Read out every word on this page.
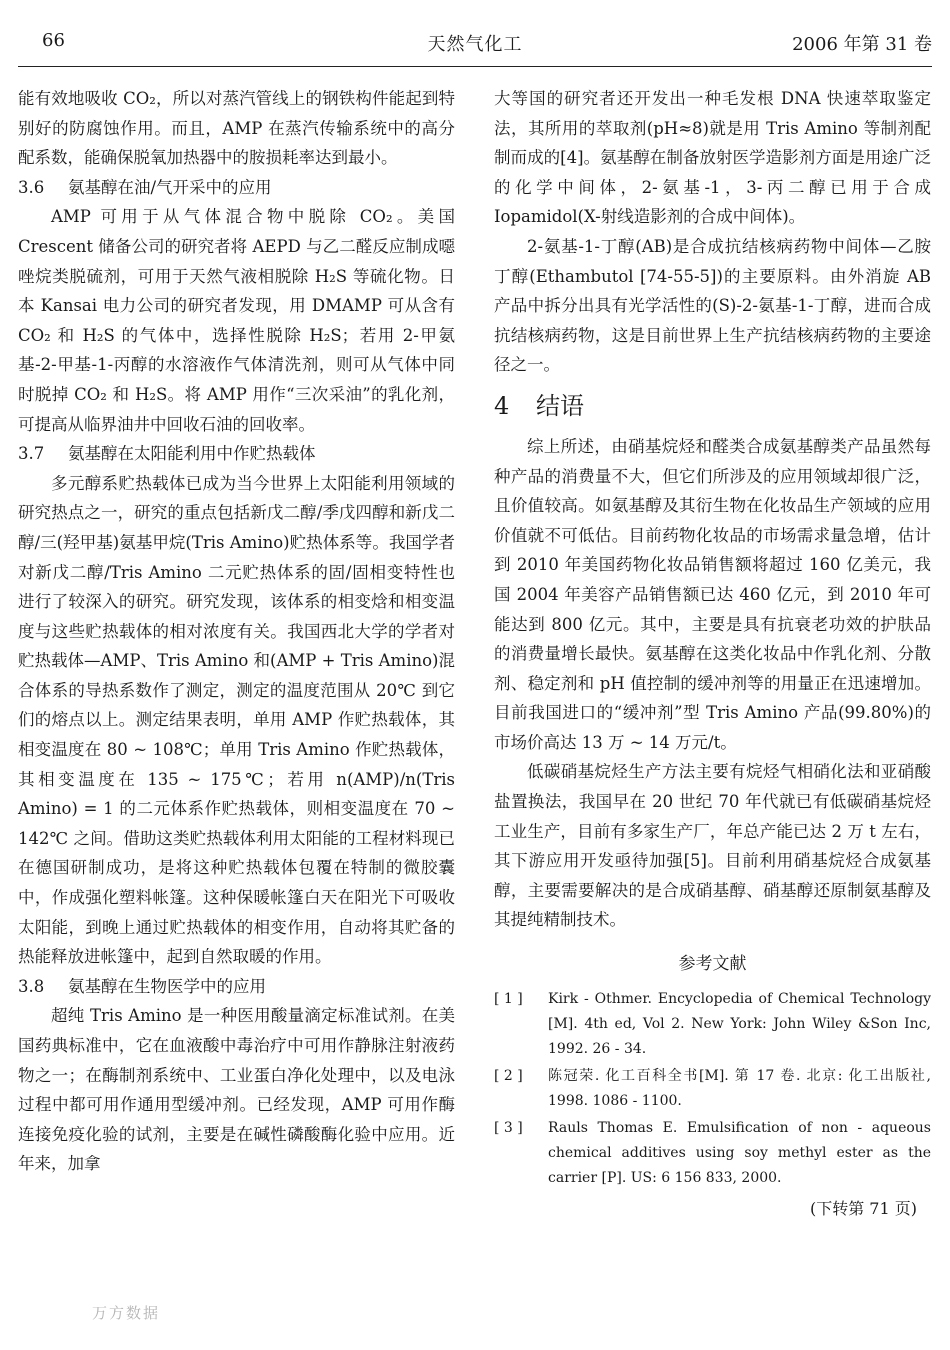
66	天然气化工	2006 年第 31 卷

能有效地吸收 CO₂，所以对蒸汽管线上的钢铁构件能起到特别好的防腐蚀作用。而且，AMP 在蒸汽传输系统中的高分配系数，能确保脱氧加热器中的胺损耗率达到最小。

3.6 氨基醇在油/气开采中的应用

AMP 可用于从气体混合物中脱除 CO₂。美国 Crescent 储备公司的研究者将 AEPD 与乙二醛反应制成噁唑烷类脱硫剂，可用于天然气液相脱除 H₂S 等硫化物。日本 Kansai 电力公司的研究者发现，用 DMAMP 可从含有 CO₂ 和 H₂S 的气体中，选择性脱除 H₂S；若用 2-甲氨基-2-甲基-1-丙醇的水溶液作气体清洗剂，则可从气体中同时脱掉 CO₂ 和 H₂S。将 AMP 用作“三次采油”的乳化剂，可提高从临界油井中回收石油的回收率。

3.7 氨基醇在太阳能利用中作贮热载体

多元醇系贮热载体已成为当今世界上太阳能利用领域的研究热点之一，研究的重点包括新戊二醇/季戊四醇和新戊二醇/三(羟甲基)氨基甲烷(Tris Amino)贮热体系等。我国学者对新戊二醇/Tris Amino 二元贮热体系的固/固相变特性也进行了较深入的研究。研究发现，该体系的相变焓和相变温度与这些贮热载体的相对浓度有关。我国西北大学的学者对贮热载体—AMP、Tris Amino 和(AMP + Tris Amino)混合体系的导热系数作了测定，测定的温度范围从 20℃ 到它们的熔点以上。测定结果表明，单用 AMP 作贮热载体，其相变温度在 80 ~ 108℃；单用 Tris Amino 作贮热载体，其相变温度在 135 ~ 175℃；若用 n(AMP)/n(Tris Amino) = 1 的二元体系作贮热载体，则相变温度在 70 ~ 142℃ 之间。借助这类贮热载体利用太阳能的工程材料现已在德国研制成功，是将这种贮热载体包覆在特制的微胶囊中，作成强化塑料帐篷。这种保暖帐篷白天在阳光下可吸收太阳能，到晚上通过贮热载体的相变作用，自动将其贮备的热能释放进帐篷中，起到自然取暖的作用。

3.8 氨基醇在生物医学中的应用

超纯 Tris Amino 是一种医用酸量滴定标准试剂。在美国药典标准中，它在血液酸中毒治疗中可用作静脉注射液药物之一；在酶制剂系统中、工业蛋白净化处理中，以及电泳过程中都可用作通用型缓冲剂。已经发现，AMP 可用作酶连接免疫化验的试剂，主要是在碱性磷酸酶化验中应用。近年来，加拿

大等国的研究者还开发出一种毛发根 DNA 快速萃取鉴定法，其所用的萃取剂(pH≈8)就是用 Tris Amino 等制剂配制而成的[4]。氨基醇在制备放射医学造影剂方面是用途广泛的化学中间体，2-氨基-1，3-丙二醇已用于合成 Iopamidol(X-射线造影剂的合成中间体)。

2-氨基-1-丁醇(AB)是合成抗结核病药物中间体—乙胺丁醇(Ethambutol [74-55-5])的主要原料。由外消旋 AB 产品中拆分出具有光学活性的(S)-2-氨基-1-丁醇，进而合成抗结核病药物，这是目前世界上生产抗结核病药物的主要途径之一。

4 结语

综上所述，由硝基烷烃和醛类合成氨基醇类产品虽然每种产品的消费量不大，但它们所涉及的应用领域却很广泛，且价值较高。如氨基醇及其衍生物在化妆品生产领域的应用价值就不可低估。目前药物化妆品的市场需求量急增，估计到 2010 年美国药物化妆品销售额将超过 160 亿美元，我国 2004 年美容产品销售额已达 460 亿元，到 2010 年可能达到 800 亿元。其中，主要是具有抗衰老功效的护肤品的消费量增长最快。氨基醇在这类化妆品中作乳化剂、分散剂、稳定剂和 pH 值控制的缓冲剂等的用量正在迅速增加。目前我国进口的“缓冲剂”型 Tris Amino 产品(99.80%)的市场价高达 13 万 ~ 14 万元/t。

低碳硝基烷烃生产方法主要有烷烃气相硝化法和亚硝酸盐置换法，我国早在 20 世纪 70 年代就已有低碳硝基烷烃工业生产，目前有多家生产厂，年总产能已达 2 万 t 左右，其下游应用开发亟待加强[5]。目前利用硝基烷烃合成氨基醇，主要需要解决的是合成硝基醇、硝基醇还原制氨基醇及其提纯精制技术。

参考文献
[ 1 ]	Kirk - Othmer. Encyclopedia of Chemical Technology [M]. 4th ed, Vol 2. New York: John Wiley &Son Inc, 1992. 26 - 34.
[ 2 ]	陈冠荣. 化工百科全书[M]. 第 17 卷. 北京: 化工出版社, 1998. 1086 - 1100.
[ 3 ]	Rauls Thomas E. Emulsification of non - aqueous chemical additives using soy methyl ester as the carrier [P]. US: 6 156 833, 2000.
(下转第 71 页)
万方数据
